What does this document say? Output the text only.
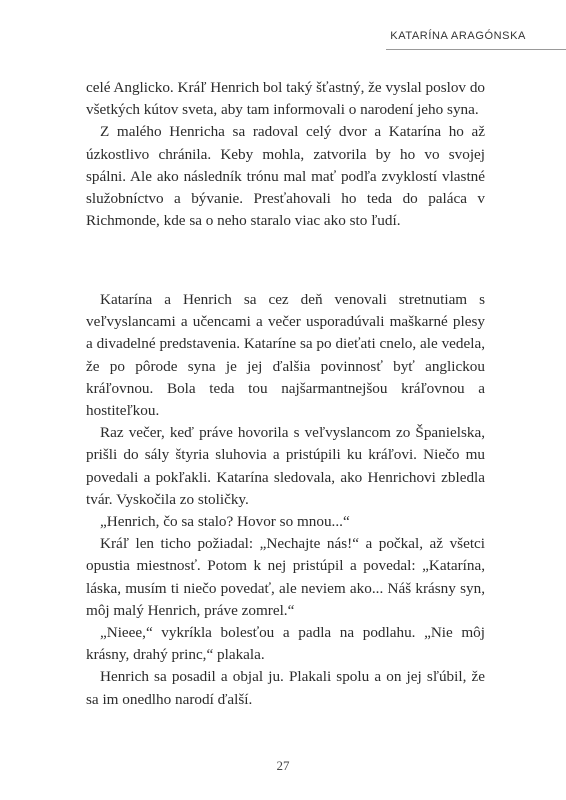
KATARÍNA ARAGÓNSKA

celé Anglicko. Kráľ Henrich bol taký šťastný, že vyslal poslov do všetkých kútov sveta, aby tam informovali o narodení jeho syna.

Z malého Henricha sa radoval celý dvor a Katarína ho až úzkostlivo chránila. Keby mohla, zatvorila by ho vo svojej spálni. Ale ako následník trónu mal mať podľa zvyklostí vlastné služobníctvo a bývanie. Presťahovali ho teda do paláca v Richmonde, kde sa o neho staralo viac ako sto ľudí.

Katarína a Henrich sa cez deň venovali stretnutiam s veľvyslancami a učencami a večer usporadúvali maškarné plesy a divadelné predstavenia. Kataríne sa po dieťati cnelo, ale vedela, že po pôrode syna je jej ďalšia povinnosť byť anglickou kráľovnou. Bola teda tou najšarmantnejšou kráľovnou a hostiteľkou.

Raz večer, keď práve hovorila s veľvyslancom zo Španielska, prišli do sály štyria sluhovia a pristúpili ku kráľovi. Niečo mu povedali a pokľakli. Katarína sledovala, ako Henrichovi zbledla tvár. Vyskočila zo stoličky.

„Henrich, čo sa stalo? Hovor so mnou...“

Kráľ len ticho požiadal: „Nechajte nás!“ a počkal, až všetci opustia miestnosť. Potom k nej pristúpil a povedal: „Katarína, láska, musím ti niečo povedať, ale neviem ako... Náš krásny syn, môj malý Henrich, práve zomrel.“

„Nieee,“ vykríkla bolesťou a padla na podlahu. „Nie môj krásny, drahý princ,“ plakala.

Henrich sa posadil a objal ju. Plakali spolu a on jej sľúbil, že sa im onedlho narodí ďalší.

27
